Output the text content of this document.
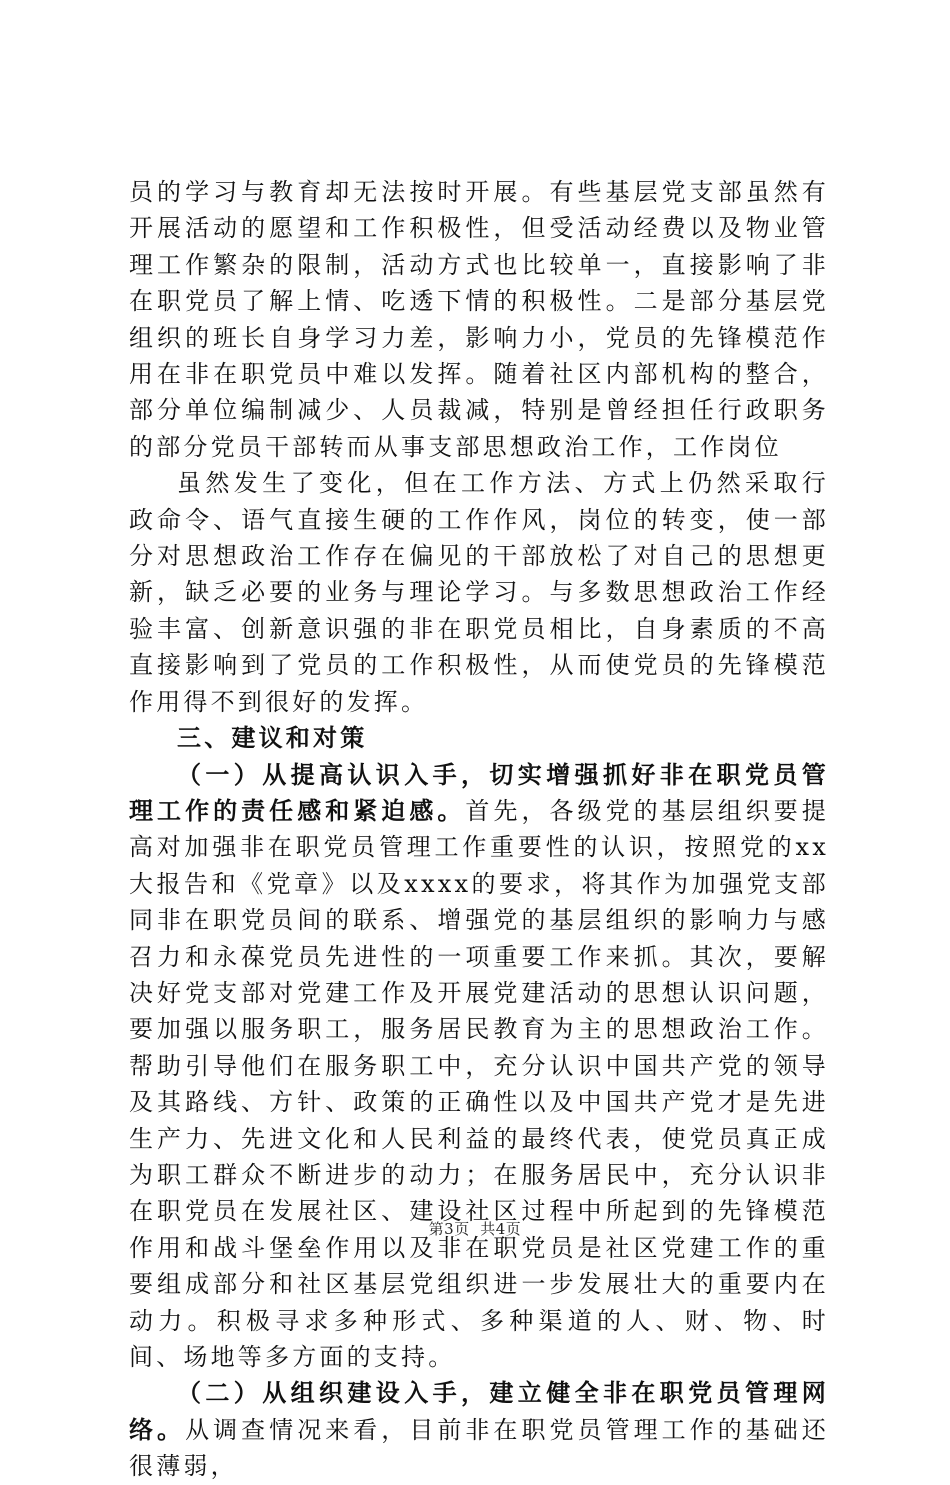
员的学习与教育却无法按时开展。有些基层党支部虽然有开展活动的愿望和工作积极性，但受活动经费以及物业管理工作繁杂的限制，活动方式也比较单一，直接影响了非在职党员了解上情、吃透下情的积极性。二是部分基层党组织的班长自身学习力差，影响力小，党员的先锋模范作用在非在职党员中难以发挥。随着社区内部机构的整合，部分单位编制减少、人员裁减，特别是曾经担任行政职务的部分党员干部转而从事支部思想政治工作，工作岗位

虽然发生了变化，但在工作方法、方式上仍然采取行政命令、语气直接生硬的工作作风，岗位的转变，使一部分对思想政治工作存在偏见的干部放松了对自己的思想更新，缺乏必要的业务与理论学习。与多数思想政治工作经验丰富、创新意识强的非在职党员相比，自身素质的不高直接影响到了党员的工作积极性，从而使党员的先锋模范作用得不到很好的发挥。

三、建议和对策

（一）从提高认识入手，切实增强抓好非在职党员管理工作的责任感和紧迫感。首先，各级党的基层组织要提高对加强非在职党员管理工作重要性的认识，按照党的xx大报告和《党章》以及xxxx的要求，将其作为加强党支部同非在职党员间的联系、增强党的基层组织的影响力与感召力和永葆党员先进性的一项重要工作来抓。其次，要解决好党支部对党建工作及开展党建活动的思想认识问题，要加强以服务职工，服务居民教育为主的思想政治工作。帮助引导他们在服务职工中，充分认识中国共产党的领导及其路线、方针、政策的正确性以及中国共产党才是先进生产力、先进文化和人民利益的最终代表，使党员真正成为职工群众不断进步的动力；在服务居民中，充分认识非在职党员在发展社区、建设社区过程中所起到的先锋模范作用和战斗堡垒作用以及非在职党员是社区党建工作的重要组成部分和社区基层党组织进一步发展壮大的重要内在动力。积极寻求多种形式、多种渠道的人、财、物、时间、场地等多方面的支持。

（二）从组织建设入手，建立健全非在职党员管理网络。从调查情况来看，目前非在职党员管理工作的基础还很薄弱，

第3页 共4页
